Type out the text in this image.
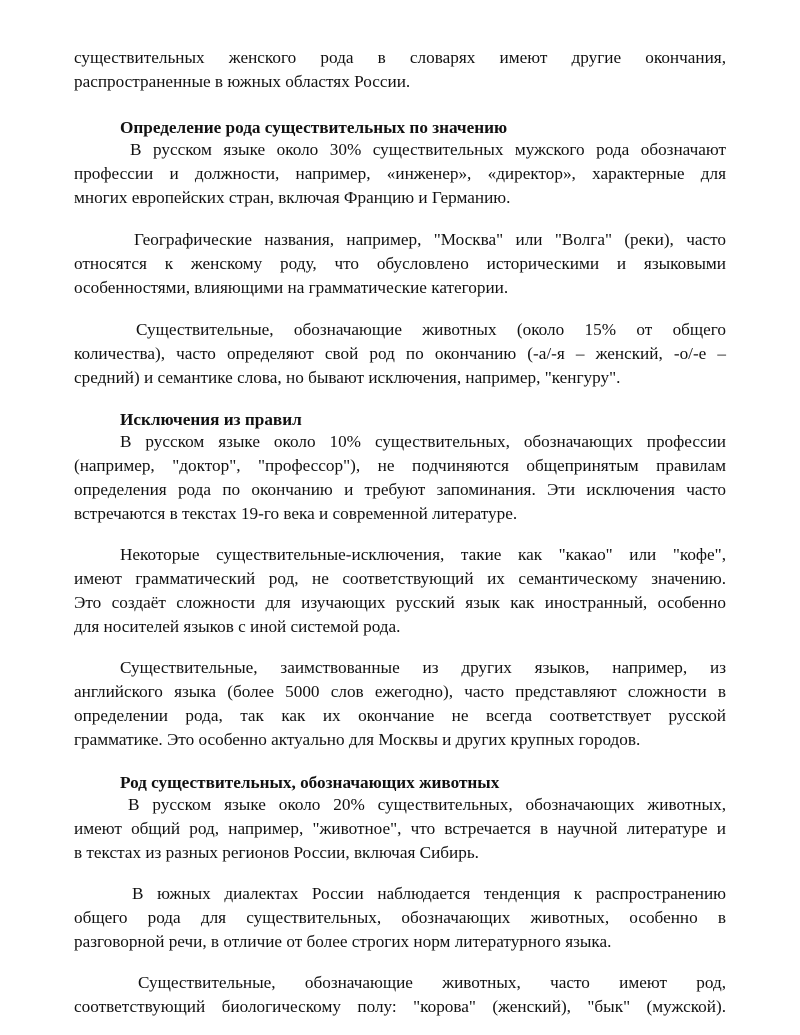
существительных женского рода в словарях имеют другие окончания,
распространенные в южных областях России.
Определение рода существительных по значению
В русском языке около 30% существительных мужского рода обозначают
профессии и должности, например, «инженер», «директор», характерные для
многих европейских стран, включая Францию и Германию.
Географические названия, например, "Москва" или "Волга" (реки), часто
относятся к женскому роду, что обусловлено историческими и языковыми
особенностями, влияющими на грамматические категории.
Существительные, обозначающие животных (около 15% от общего
количества), часто определяют свой род по окончанию (-а/-я – женский, -о/-е –
средний) и семантике слова, но бывают исключения, например, "кенгуру".
Исключения из правил
В русском языке около 10% существительных, обозначающих профессии
(например, "доктор", "профессор"), не подчиняются общепринятым правилам
определения рода по окончанию и требуют запоминания. Эти исключения часто
встречаются в текстах 19-го века и современной литературе.
Некоторые существительные-исключения, такие как "какао" или "кофе",
имеют грамматический род, не соответствующий их семантическому значению.
Это создаёт сложности для изучающих русский язык как иностранный, особенно
для носителей языков с иной системой рода.
Существительные, заимствованные из других языков, например, из
английского языка (более 5000 слов ежегодно), часто представляют сложности в
определении рода, так как их окончание не всегда соответствует русской
грамматике. Это особенно актуально для Москвы и других крупных городов.
Род существительных, обозначающих животных
В русском языке около 20% существительных, обозначающих животных,
имеют общий род, например, "животное", что встречается в научной литературе и
в текстах из разных регионов России, включая Сибирь.
В южных диалектах России наблюдается тенденция к распространению
общего рода для существительных, обозначающих животных, особенно в
разговорной речи, в отличие от более строгих норм литературного языка.
Существительные, обозначающие животных, часто имеют род,
соответствующий биологическому полу: "корова" (женский), "бык" (мужской).
